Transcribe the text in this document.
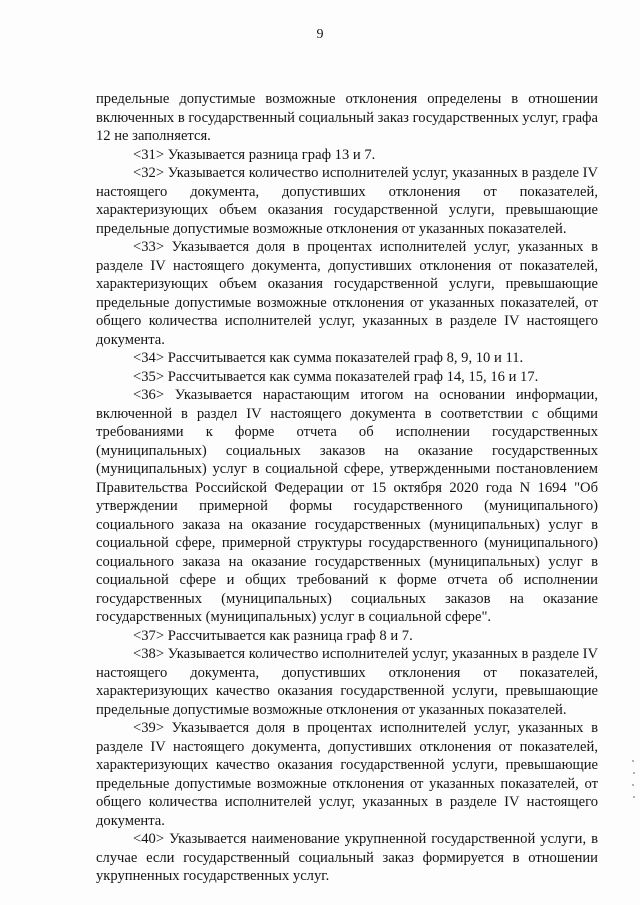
9

предельные допустимые возможные отклонения определены в отношении включенных в государственный социальный заказ государственных услуг, графа 12 не заполняется.

<31> Указывается разница граф 13 и 7.

<32> Указывается количество исполнителей услуг, указанных в разделе IV настоящего документа, допустивших отклонения от показателей, характеризующих объем оказания государственной услуги, превышающие предельные допустимые возможные отклонения от указанных показателей.

<33> Указывается доля в процентах исполнителей услуг, указанных в разделе IV настоящего документа, допустивших отклонения от показателей, характеризующих объем оказания государственной услуги, превышающие предельные допустимые возможные отклонения от указанных показателей, от общего количества исполнителей услуг, указанных в разделе IV настоящего документа.

<34> Рассчитывается как сумма показателей граф 8, 9, 10 и 11.

<35> Рассчитывается как сумма показателей граф 14, 15, 16 и 17.

<36> Указывается нарастающим итогом на основании информации, включенной в раздел IV настоящего документа в соответствии с общими требованиями к форме отчета об исполнении государственных (муниципальных) социальных заказов на оказание государственных (муниципальных) услуг в социальной сфере, утвержденными постановлением Правительства Российской Федерации от 15 октября 2020 года N 1694 "Об утверждении примерной формы государственного (муниципального) социального заказа на оказание государственных (муниципальных) услуг в социальной сфере, примерной структуры государственного (муниципального) социального заказа на оказание государственных (муниципальных) услуг в социальной сфере и общих требований к форме отчета об исполнении государственных (муниципальных) социальных заказов на оказание государственных (муниципальных) услуг в социальной сфере".

<37> Рассчитывается как разница граф 8 и 7.

<38> Указывается количество исполнителей услуг, указанных в разделе IV настоящего документа, допустивших отклонения от показателей, характеризующих качество оказания государственной услуги, превышающие предельные допустимые возможные отклонения от указанных показателей.

<39> Указывается доля в процентах исполнителей услуг, указанных в разделе IV настоящего документа, допустивших отклонения от показателей, характеризующих качество оказания государственной услуги, превышающие предельные допустимые возможные отклонения от указанных показателей, от общего количества исполнителей услуг, указанных в разделе IV настоящего документа.

<40> Указывается наименование укрупненной государственной услуги, в случае если государственный социальный заказ формируется в отношении укрупненных государственных услуг.
